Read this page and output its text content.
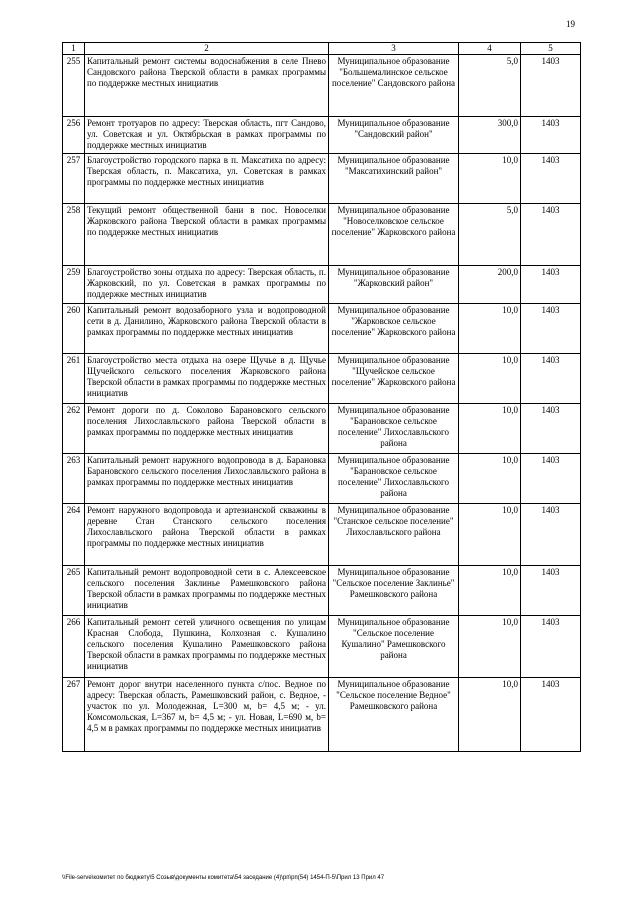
19
1	2	3	4	5
255	Капитальный ремонт системы водоснабжения в селе Пнево Сандовского района Тверской области в рамках программы по поддержке местных инициатив	Муниципальное образование "Большемалинское сельское поселение" Сандовского района	5,0	1403
256	Ремонт тротуаров по адресу: Тверская область, пгт Сандово, ул. Советская и ул. Октябрьская в рамках программы по поддержке местных инициатив	Муниципальное образование "Сандовский район"	300,0	1403
257	Благоустройство городского парка в п. Максатиха по адресу: Тверская область, п. Максатиха, ул. Советская в рамках программы по поддержке местных инициатив	Муниципальное образование "Максатихинский район"	10,0	1403
258	Текущий ремонт общественной бани в пос. Новоселки Жарковского района Тверской области в рамках программы по поддержке местных инициатив	Муниципальное образование "Новоселковское сельское поселение" Жарковского района	5,0	1403
259	Благоустройство зоны отдыха по адресу: Тверская область, п. Жарковский, по ул. Советская в рамках программы по поддержке местных инициатив	Муниципальное образование "Жарковский район"	200,0	1403
260	Капитальный ремонт водозаборного узла и водопроводной сети в д. Данилино, Жарковского района Тверской области в рамках программы по поддержке местных инициатив	Муниципальное образование "Жарковское сельское поселение" Жарковского района	10,0	1403
261	Благоустройство места отдыха на озере Щучье в д. Щучье Щучейского сельского поселения Жарковского района Тверской области в рамках программы по поддержке местных инициатив	Муниципальное образование "Щучейское сельское поселение" Жарковского района	10,0	1403
262	Ремонт дороги по д. Соколово Барановского сельского поселения Лихославльского района Тверской области в рамках программы по поддержке местных инициатив	Муниципальное образование "Барановское сельское поселение" Лихославльского района	10,0	1403
263	Капитальный ремонт наружного водопровода в д. Барановка Барановского сельского поселения Лихославльского района в рамках программы по поддержке местных инициатив	Муниципальное образование "Барановское сельское поселение" Лихославльского района	10,0	1403
264	Ремонт наружного водопровода и артезианской скважины в деревне Стан Станского сельского поселения Лихославльского района Тверской области в рамках программы по поддержке местных инициатив	Муниципальное образование "Станское сельское поселение" Лихославльского района	10,0	1403
265	Капитальный ремонт водопроводной сети в с. Алексеевское сельского поселения Заклинье Рамешковского района Тверской области в рамках программы по поддержке местных инициатив	Муниципальное образование "Сельское поселение Заклинье" Рамешковского района	10,0	1403
266	Капитальный ремонт сетей уличного освещения по улицам Красная Слобода, Пушкина, Колхозная с. Кушалино сельского поселения Кушалино Рамешковского района Тверской области в рамках программы по поддержке местных инициатив	Муниципальное образование "Сельское поселение Кушалино" Рамешковского района	10,0	1403
267	Ремонт дорог внутри населенного пункта с/пос. Ведное по адресу: Тверская область, Рамешковский район, с. Ведное, - участок по ул. Молодежная, L=300 м, b= 4,5 м; - ул. Комсомольская, L=367 м, b= 4,5 м; - ул. Новая, L=690 м, b= 4,5 м в рамках программы по поддержке местных инициатив	Муниципальное образование "Сельское поселение Ведное" Рамешковского района	10,0	1403
\\File-serve\комитет по бюджету\5 Созыв\документы комитета\54 заседание (4)\рп\рп(54) 1454-П-5\Прил 13 Прил 47
